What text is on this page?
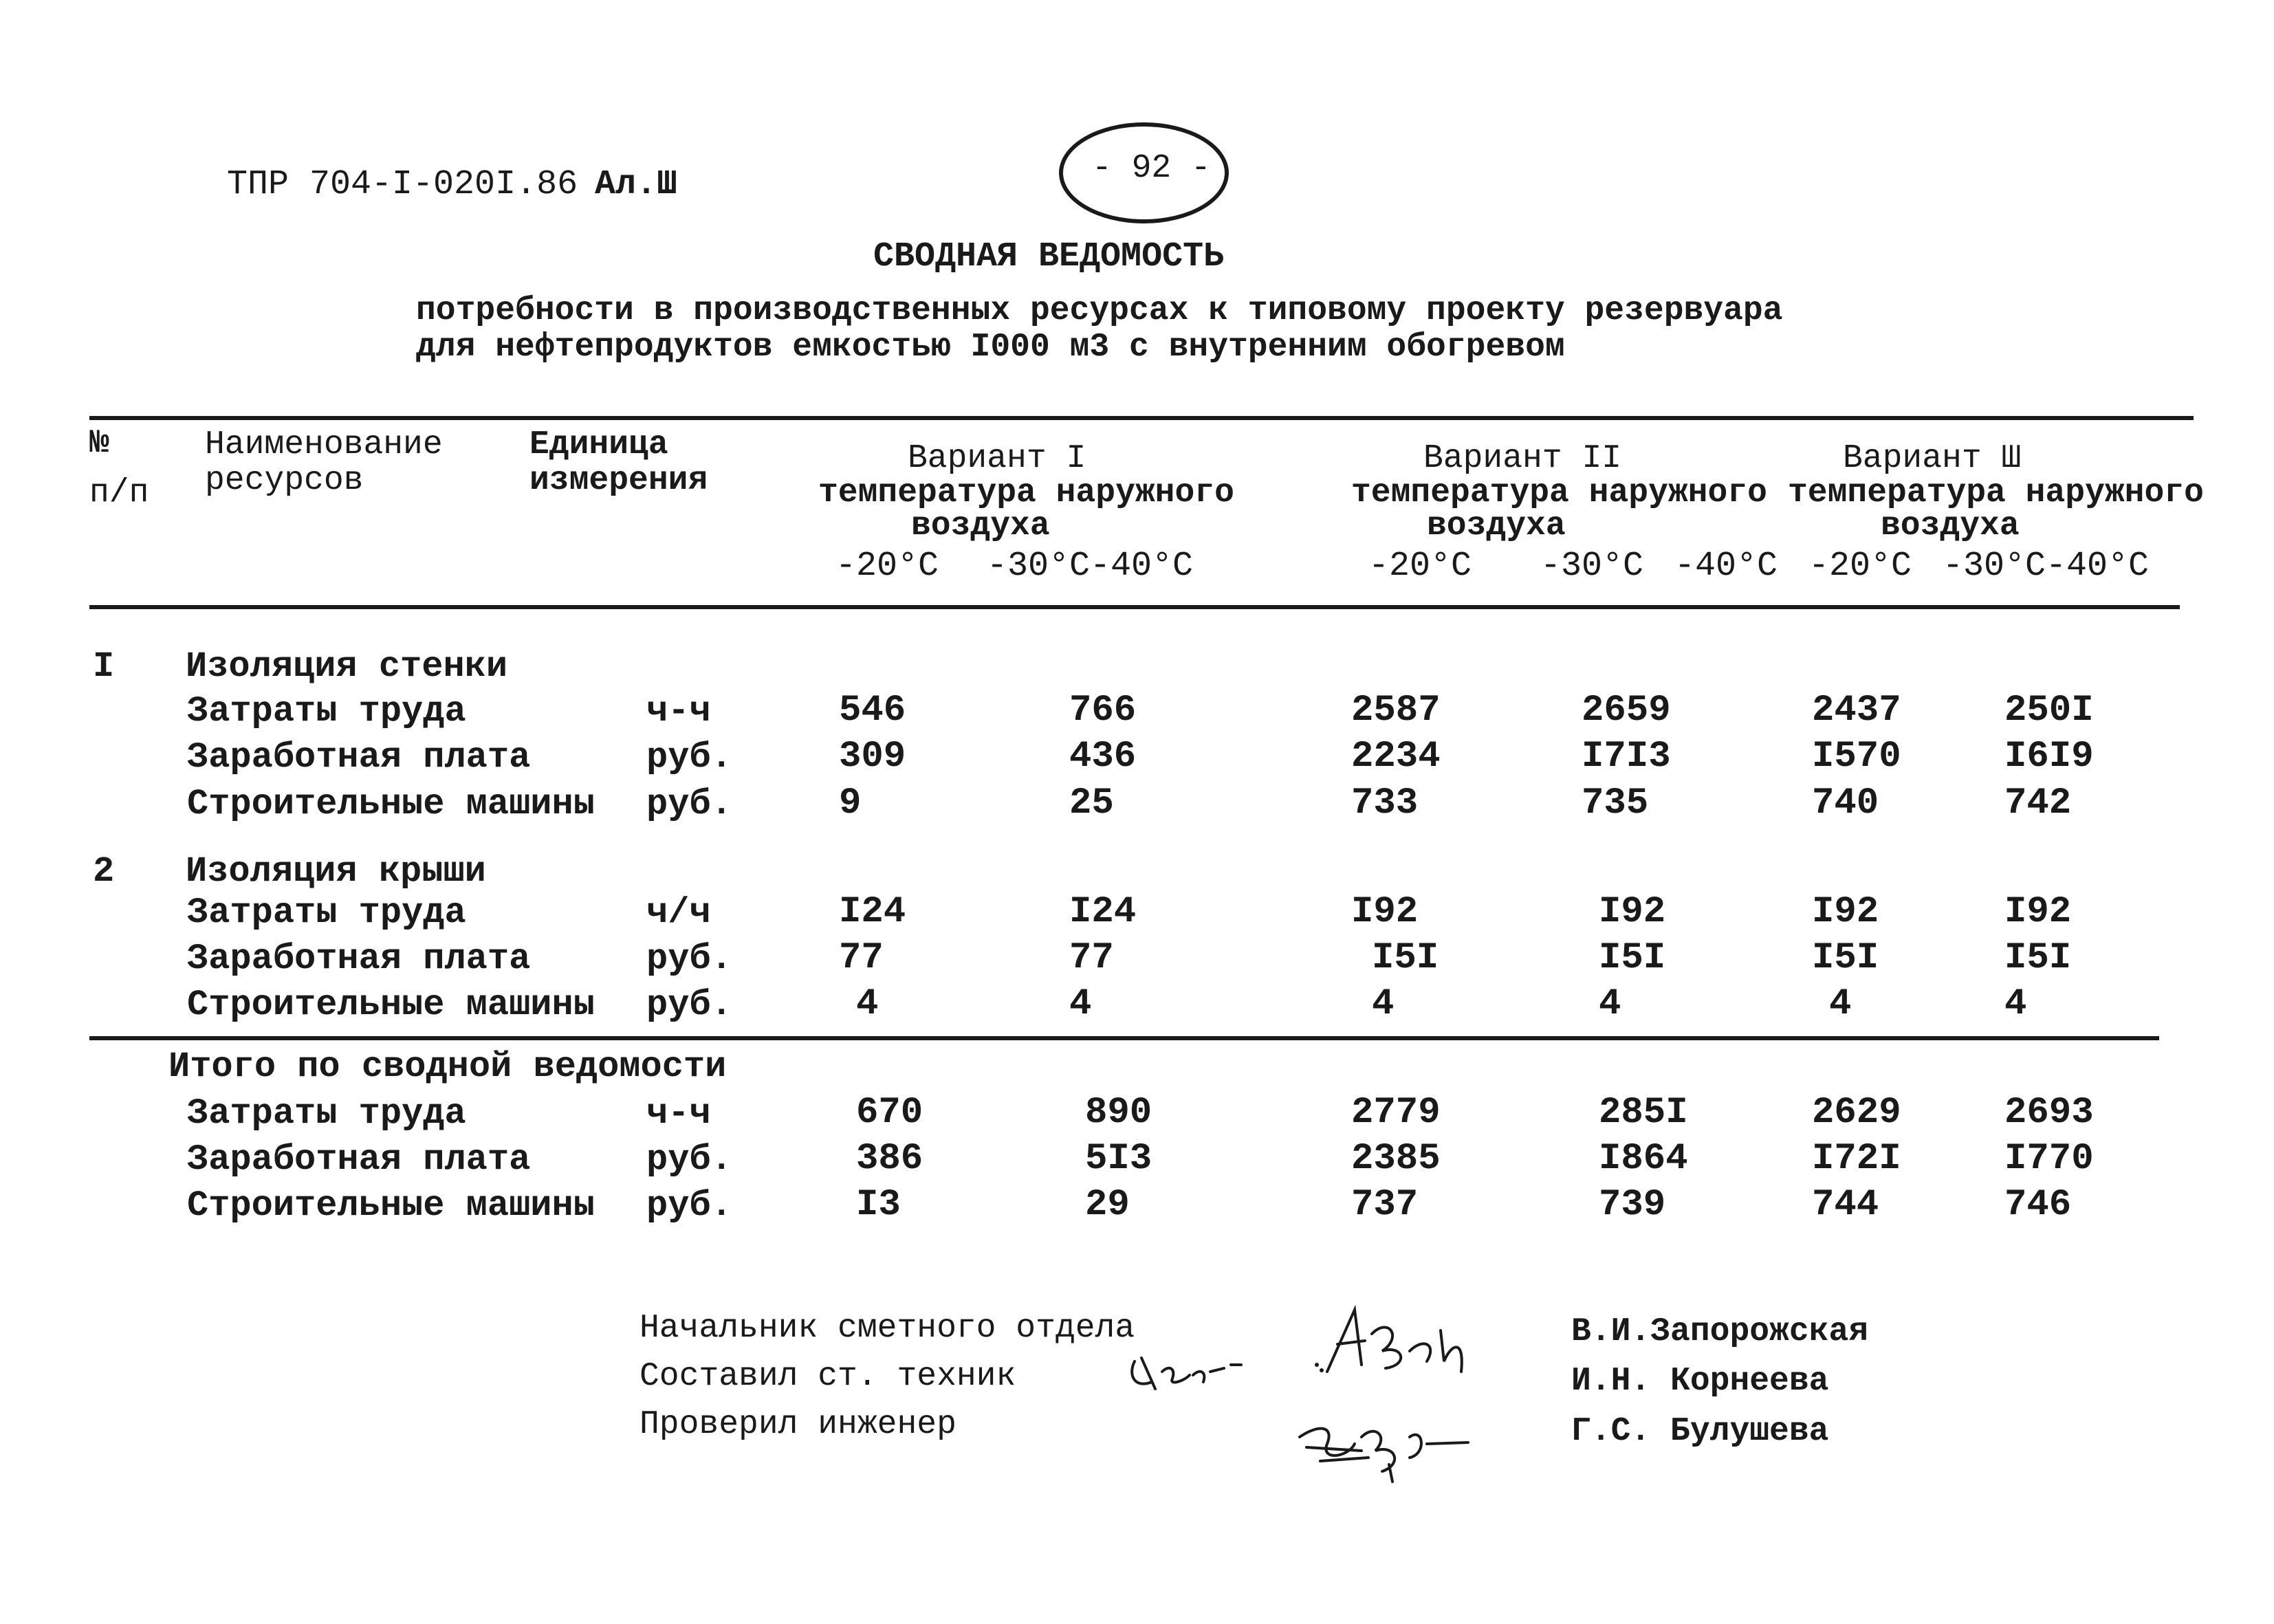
ТПР 704-I-020I.86 Ал.Ш	- 92 -
СВОДНАЯ ВЕДОМОСТЬ
потребности в производственных ресурсах к типовому проекту резервуара
для нефтепродуктов емкостью I000 м3 с внутренним обогревом
№
п/п
Наименование
ресурсов
Единица
измерения
Вариант I
температура наружного
воздуха
-20°С -30°С-40°С
Вариант II
температура наружного
воздуха
-20°С -30°С -40°С
Вариант Ш
температура наружного
воздуха
-20°С -30°С-40°С
I Изоляция стенки
Затраты труда	ч-ч	546	766	2587	2659	2437	250I
Заработная плата	руб.	309	436	2234	I7I3	I570	I6I9
Строительные машины руб.	9	25	733	735	740	742
2 Изоляция крыши
Затраты труда	ч/ч	I24	I24	I92	I92	I92	I92
Заработная плата	руб.	77	77	I5I	I5I	I5I	I5I
Строительные машины руб.	4	4	4	4	4	4
Итого по сводной ведомости
Затраты труда	ч-ч	670	890	2779	285I	2629	2693
Заработная плата	руб.	386	5I3	2385	I864	I72I	I770
Строительные машины руб.	I3	29	737	739	744	746
Начальник сметного отдела
Составил ст. техник
Проверил инженер
В.И.Запорожская
И.Н. Корнеева
Г.С. Булушева
